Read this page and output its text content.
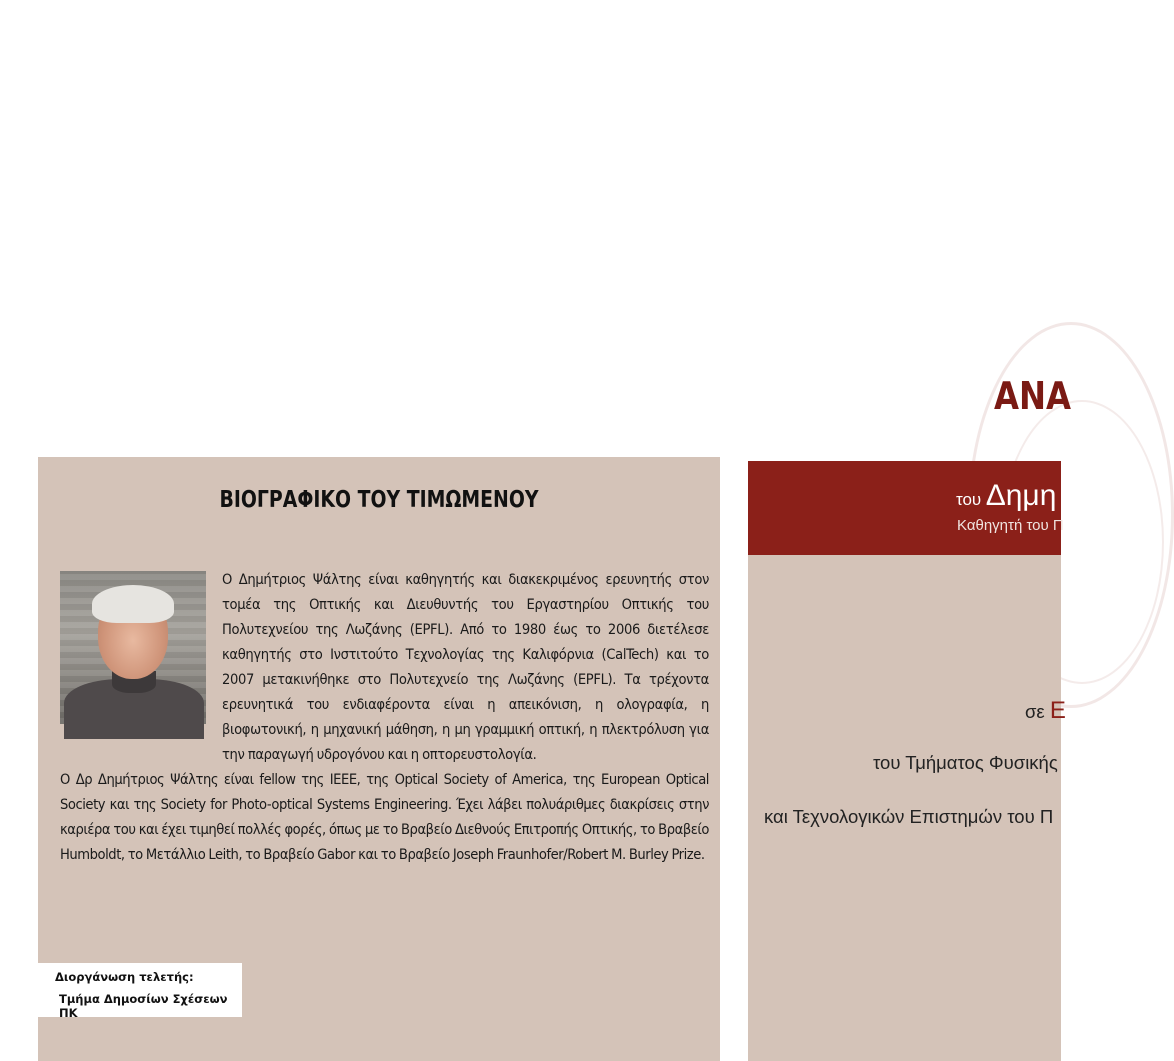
ΑΝΑ
ΒΙΟΓΡΑΦΙΚΟ ΤΟΥ ΤΙΜΩΜΕΝΟΥ

Ο Δημήτριος Ψάλτης είναι καθηγητής και διακεκριμένος ερευνητής στον τομέα της Οπτικής και Διευθυντής του Εργαστηρίου Οπτικής του Πολυτεχνείου της Λωζάνης (EPFL). Από το 1980 έως το 2006 διετέλεσε καθηγητής στο Ινστιτούτο Τεχνολογίας της Καλιφόρνια (CalTech) και το 2007 μετακινήθηκε στο Πολυτεχνείο της Λωζάνης (EPFL). Τα τρέχοντα ερευνητικά του ενδιαφέροντα είναι η απεικόνιση, η ολογραφία, η βιοφωτονική, η μηχανική μάθηση, η μη γραμμική οπτική, η πλεκτρόλυση για την παραγωγή υδρογόνου και η οπτορευστολογία.

Ο Δρ Δημήτριος Ψάλτης είναι fellow της IEEE, της Optical Society of America, της European Optical Society και της Society for Photo-optical Systems Engineering. Έχει λάβει πολυάριθμες διακρίσεις στην καριέρα του και έχει τιμηθεί πολλές φορές, όπως με το Βραβείο Διεθνούς Επιτροπής Οπτικής, το Βραβείο Humboldt, το Μετάλλιο Leith, το Βραβείο Gabor και το Βραβείο Joseph Fraunhofer/Robert M. Burley Prize.

Διοργάνωση τελετής:
Τμήμα Δημοσίων Σχέσεων ΠΚ
του Δημη
Καθηγητή του Π
σε Ε
του Τμήματος Φυσικής
και Τεχνολογικών Επιστημών του Π
